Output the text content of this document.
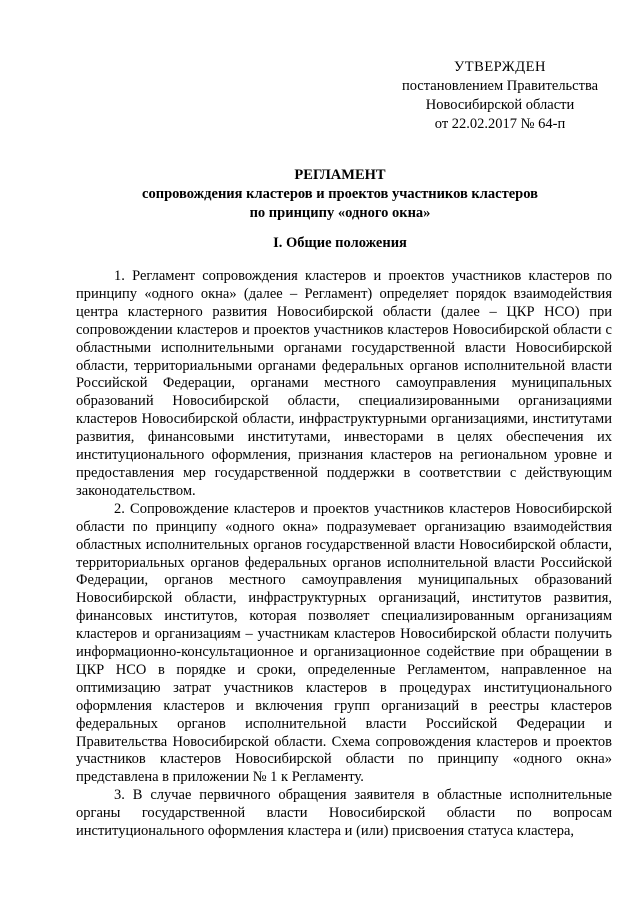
УТВЕРЖДЕН
постановлением Правительства
Новосибирской области
от 22.02.2017 № 64-п
РЕГЛАМЕНТ
сопровождения кластеров и проектов участников кластеров
по принципу «одного окна»
I. Общие положения

1. Регламент сопровождения кластеров и проектов участников кластеров по принципу «одного окна» (далее – Регламент) определяет порядок взаимодействия центра кластерного развития Новосибирской области (далее – ЦКР НСО) при сопровождении кластеров и проектов участников кластеров Новосибирской области с областными исполнительными органами государственной власти Новосибирской области, территориальными органами федеральных органов исполнительной власти Российской Федерации, органами местного самоуправления муниципальных образований Новосибирской области, специализированными организациями кластеров Новосибирской области, инфраструктурными организациями, институтами развития, финансовыми институтами, инвесторами в целях обеспечения их институционального оформления, признания кластеров на региональном уровне и предоставления мер государственной поддержки в соответствии с действующим законодательством.

2. Сопровождение кластеров и проектов участников кластеров Новосибирской области по принципу «одного окна» подразумевает организацию взаимодействия областных исполнительных органов государственной власти Новосибирской области, территориальных органов федеральных органов исполнительной власти Российской Федерации, органов местного самоуправления муниципальных образований Новосибирской области, инфраструктурных организаций, институтов развития, финансовых институтов, которая позволяет специализированным организациям кластеров и организациям – участникам кластеров Новосибирской области получить информационно-консультационное и организационное содействие при обращении в ЦКР НСО в порядке и сроки, определенные Регламентом, направленное на оптимизацию затрат участников кластеров в процедурах институционального оформления кластеров и включения групп организаций в реестры кластеров федеральных органов исполнительной власти Российской Федерации и Правительства Новосибирской области. Схема сопровождения кластеров и проектов участников кластеров Новосибирской области по принципу «одного окна» представлена в приложении № 1 к Регламенту.

3. В случае первичного обращения заявителя в областные исполнительные органы государственной власти Новосибирской области по вопросам институционального оформления кластера и (или) присвоения статуса кластера,
